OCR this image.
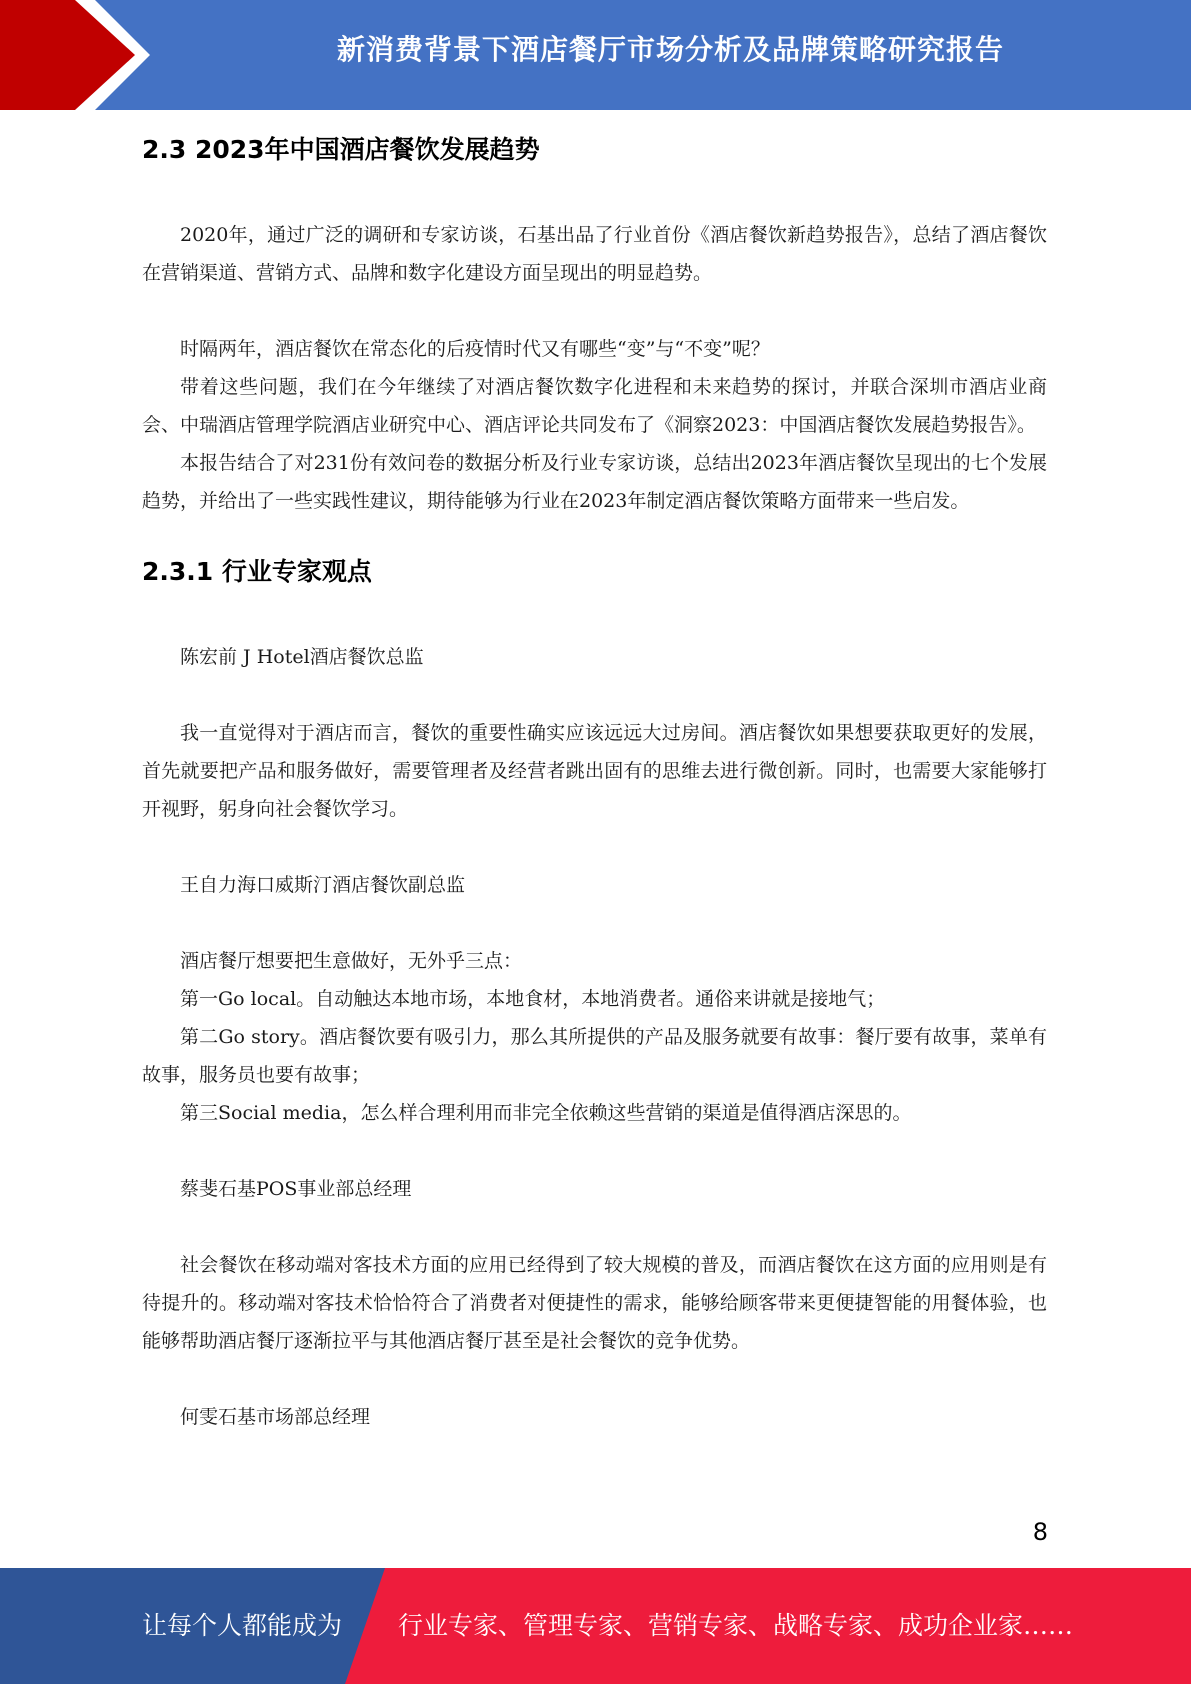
新消费背景下酒店餐厅市场分析及品牌策略研究报告
2.3 2023年中国酒店餐饮发展趋势

2020年，通过广泛的调研和专家访谈，石基出品了行业首份《酒店餐饮新趋势报告》，总结了酒店餐饮在营销渠道、营销方式、品牌和数字化建设方面呈现出的明显趋势。

时隔两年，酒店餐饮在常态化的后疫情时代又有哪些“变”与“不变”呢？

带着这些问题，我们在今年继续了对酒店餐饮数字化进程和未来趋势的探讨，并联合深圳市酒店业商会、中瑞酒店管理学院酒店业研究中心、酒店评论共同发布了《洞察2023：中国酒店餐饮发展趋势报告》。

本报告结合了对231份有效问卷的数据分析及行业专家访谈，总结出2023年酒店餐饮呈现出的七个发展趋势，并给出了一些实践性建议，期待能够为行业在2023年制定酒店餐饮策略方面带来一些启发。

2.3.1 行业专家观点

陈宏前 J Hotel酒店餐饮总监

我一直觉得对于酒店而言，餐饮的重要性确实应该远远大过房间。酒店餐饮如果想要获取更好的发展，首先就要把产品和服务做好，需要管理者及经营者跳出固有的思维去进行微创新。同时，也需要大家能够打开视野，躬身向社会餐饮学习。

王自力海口威斯汀酒店餐饮副总监

酒店餐厅想要把生意做好，无外乎三点：

第一Go local。自动触达本地市场，本地食材，本地消费者。通俗来讲就是接地气；

第二Go story。酒店餐饮要有吸引力，那么其所提供的产品及服务就要有故事：餐厅要有故事，菜单有故事，服务员也要有故事；

第三Social media，怎么样合理利用而非完全依赖这些营销的渠道是值得酒店深思的。

蔡斐石基POS事业部总经理

社会餐饮在移动端对客技术方面的应用已经得到了较大规模的普及，而酒店餐饮在这方面的应用则是有待提升的。移动端对客技术恰恰符合了消费者对便捷性的需求，能够给顾客带来更便捷智能的用餐体验，也能够帮助酒店餐厅逐渐拉平与其他酒店餐厅甚至是社会餐饮的竞争优势。

何雯石基市场部总经理

8
让每个人都能成为 行业专家、管理专家、营销专家、战略专家、成功企业家……
